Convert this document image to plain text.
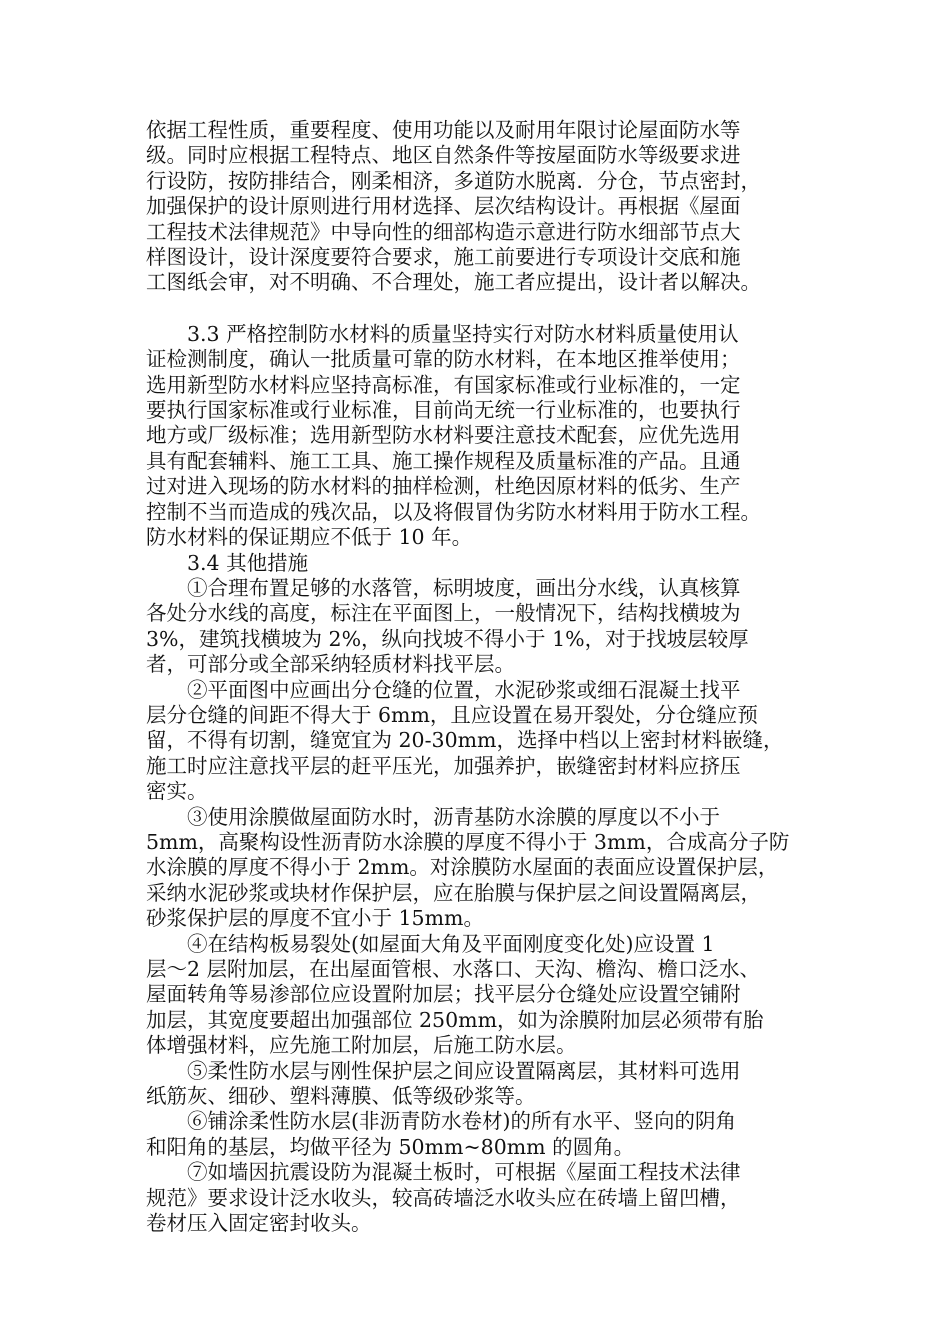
依据工程性质，重要程度、使用功能以及耐用年限讨论屋面防水等
级。同时应根据工程特点、地区自然条件等按屋面防水等级要求进
行设防，按防排结合，刚柔相济，多道防水脱离．分仓，节点密封，
加强保护的设计原则进行用材选择、层次结构设计。再根据《屋面
工程技术法律规范》中导向性的细部构造示意进行防水细部节点大
样图设计，设计深度要符合要求，施工前要进行专项设计交底和施
工图纸会审，对不明确、不合理处，施工者应提出，设计者以解决。
　　3.3 严格控制防水材料的质量坚持实行对防水材料质量使用认
证检测制度，确认一批质量可靠的防水材料，在本地区推举使用；
选用新型防水材料应坚持高标准，有国家标准或行业标准的，一定
要执行国家标准或行业标准，目前尚无统一行业标准的，也要执行
地方或厂级标准；选用新型防水材料要注意技术配套，应优先选用
具有配套辅料、施工工具、施工操作规程及质量标准的产品。且通
过对进入现场的防水材料的抽样检测，杜绝因原材料的低劣、生产
控制不当而造成的残次品，以及将假冒伪劣防水材料用于防水工程。
防水材料的保证期应不低于 10 年。
　　3.4 其他措施
　　①合理布置足够的水落管，标明坡度，画出分水线，认真核算
各处分水线的高度，标注在平面图上，一般情况下，结构找横坡为
3%，建筑找横坡为 2%，纵向找坡不得小于 1%，对于找坡层较厚
者，可部分或全部采纳轻质材料找平层。
　　②平面图中应画出分仓缝的位置，水泥砂浆或细石混凝土找平
层分仓缝的间距不得大于 6mm，且应设置在易开裂处，分仓缝应预
留，不得有切割，缝宽宜为 20-30mm，选择中档以上密封材料嵌缝，
施工时应注意找平层的赶平压光，加强养护，嵌缝密封材料应挤压
密实。
　　③使用涂膜做屋面防水时，沥青基防水涂膜的厚度以不小于
5mm，高聚构设性沥青防水涂膜的厚度不得小于 3mm，合成高分子防
水涂膜的厚度不得小于 2mm。对涂膜防水屋面的表面应设置保护层，
采纳水泥砂浆或块材作保护层，应在胎膜与保护层之间设置隔离层，
砂浆保护层的厚度不宜小于 15mm。
　　④在结构板易裂处(如屋面大角及平面刚度变化处)应设置 1
层～2 层附加层，在出屋面管根、水落口、天沟、檐沟、檐口泛水、
屋面转角等易渗部位应设置附加层；找平层分仓缝处应设置空铺附
加层，其宽度要超出加强部位 250mm，如为涂膜附加层必须带有胎
体增强材料，应先施工附加层，后施工防水层。
　　⑤柔性防水层与刚性保护层之间应设置隔离层，其材料可选用
纸筋灰、细砂、塑料薄膜、低等级砂浆等。
　　⑥铺涂柔性防水层(非沥青防水卷材)的所有水平、竖向的阴角
和阳角的基层，均做平径为 50mm~80mm 的圆角。
　　⑦如墙因抗震设防为混凝土板时，可根据《屋面工程技术法律
规范》要求设计泛水收头，较高砖墙泛水收头应在砖墙上留凹槽，
卷材压入固定密封收头。
